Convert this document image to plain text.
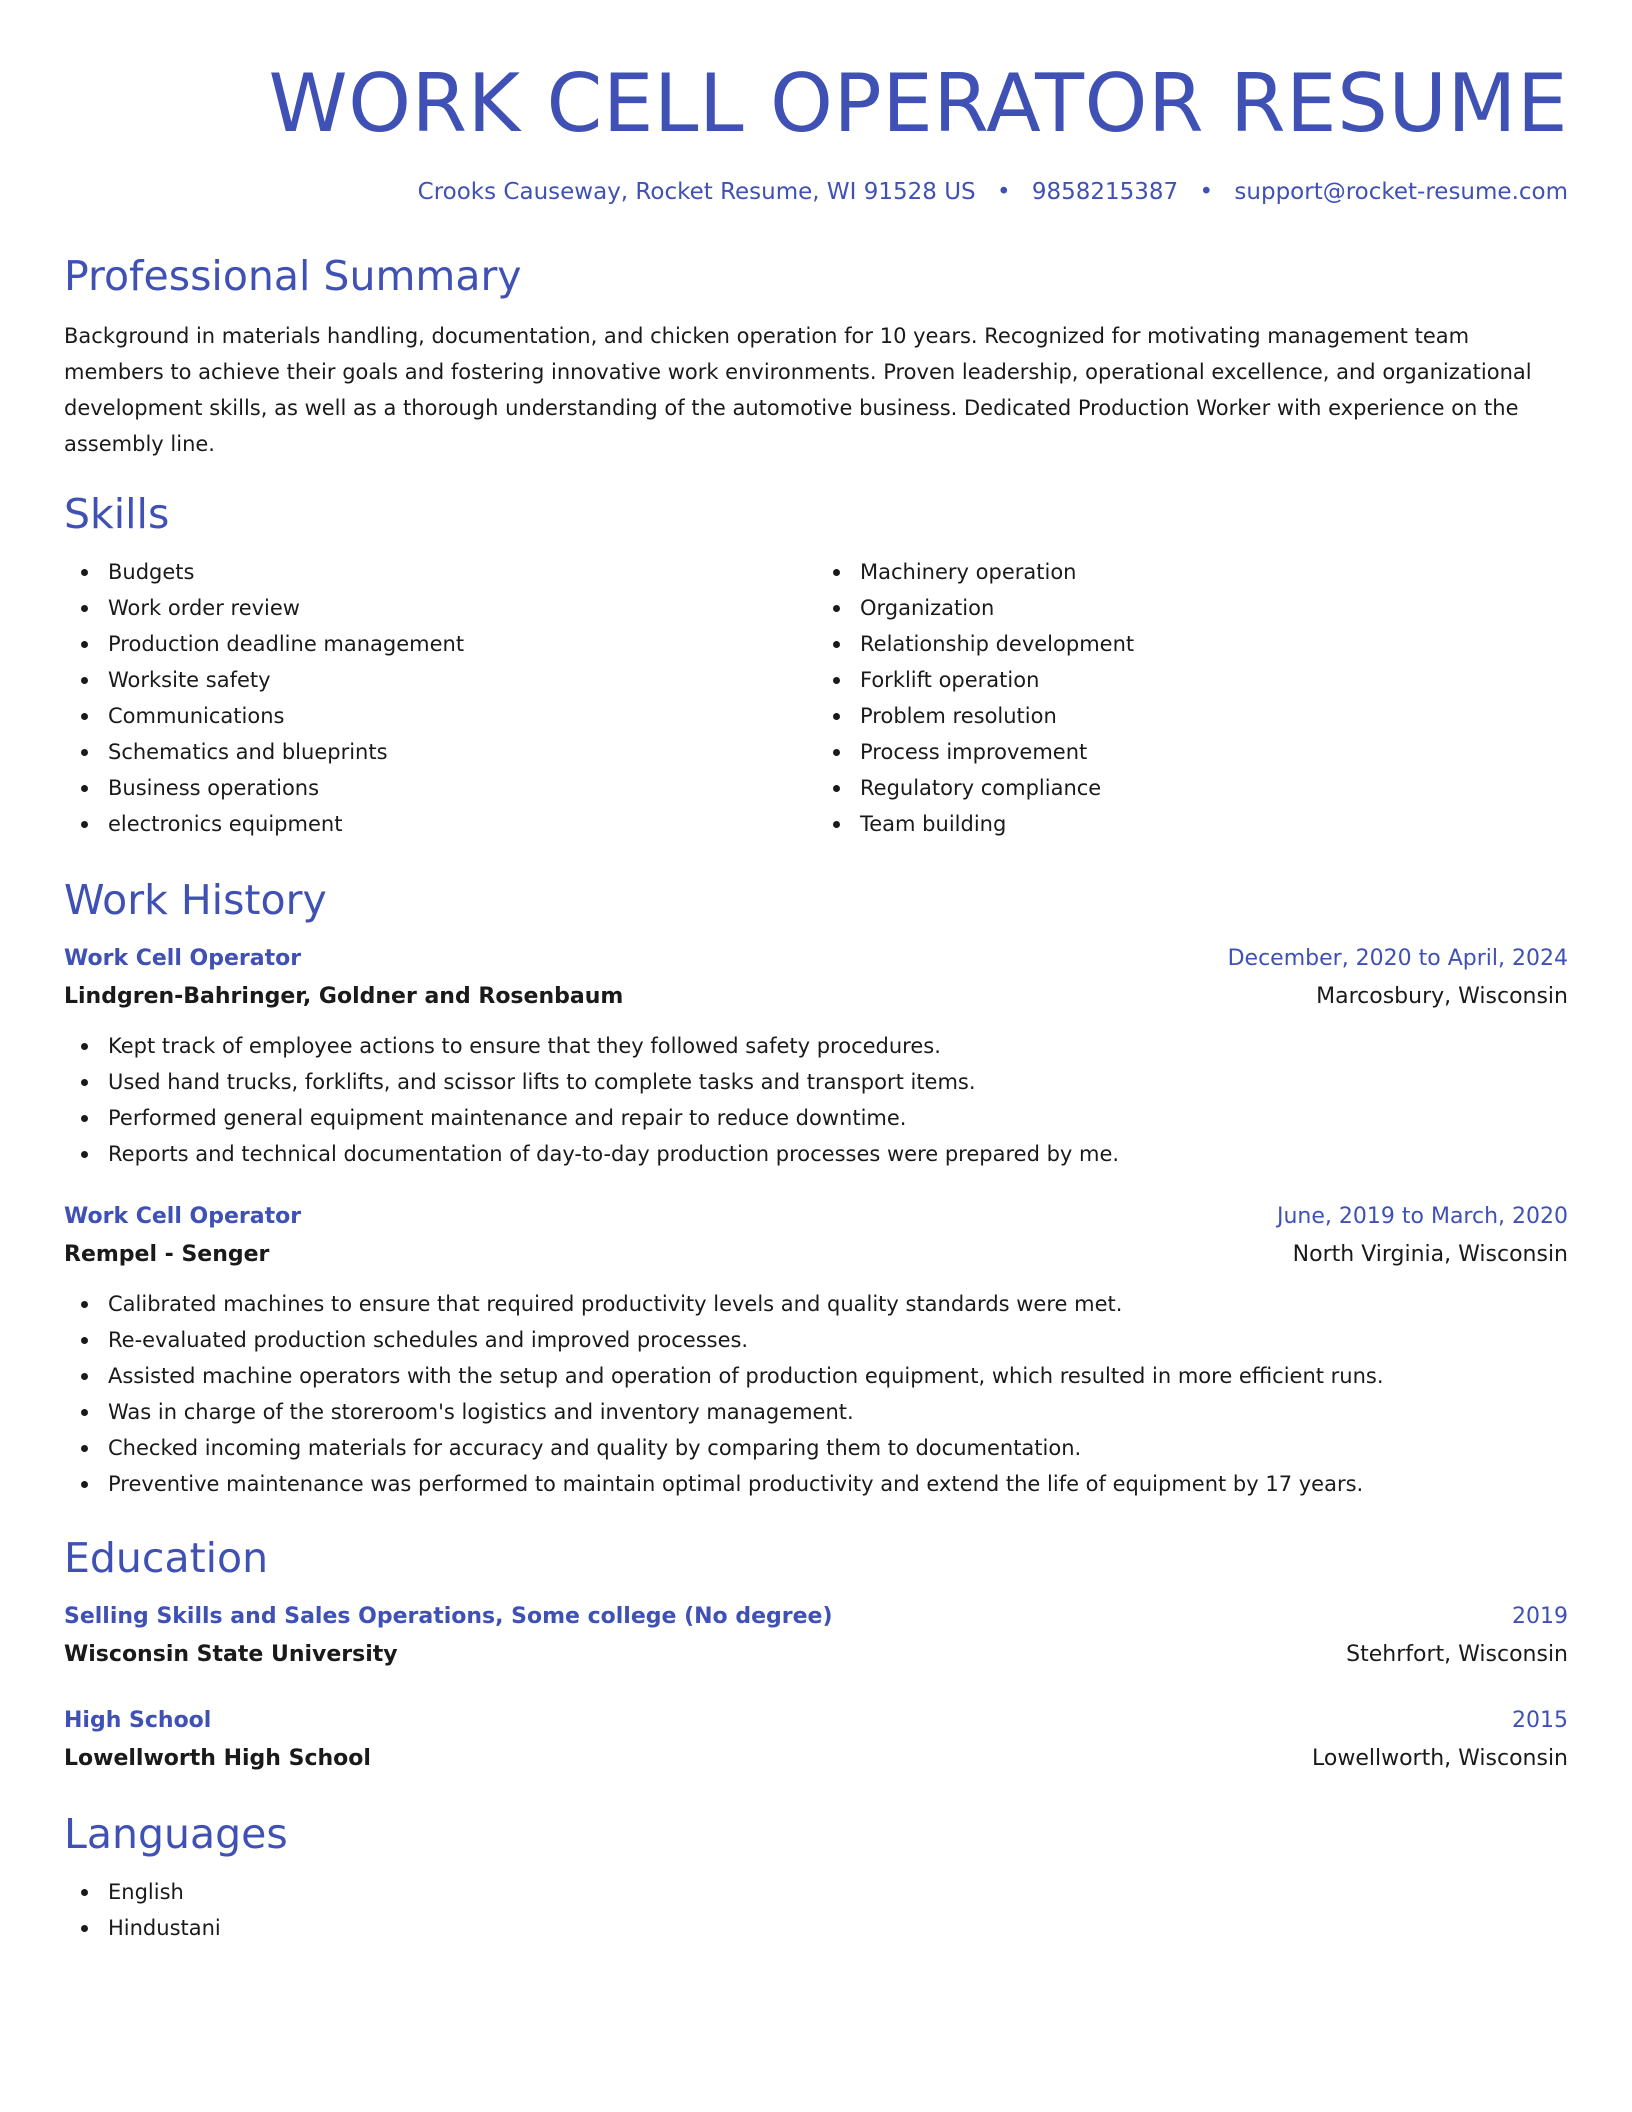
WORK CELL OPERATOR RESUME
Crooks Causeway, Rocket Resume, WI 91528 US • 9858215387 • support@rocket-resume.com
Professional Summary

Background in materials handling, documentation, and chicken operation for 10 years. Recognized for motivating management team members to achieve their goals and fostering innovative work environments. Proven leadership, operational excellence, and organizational development skills, as well as a thorough understanding of the automotive business. Dedicated Production Worker with experience on the assembly line.

Skills
Budgets
Work order review
Production deadline management
Worksite safety
Communications
Schematics and blueprints
Business operations
electronics equipment
Machinery operation
Organization
Relationship development
Forklift operation
Problem resolution
Process improvement
Regulatory compliance
Team building
Work History
Work Cell Operator	December, 2020 to April, 2024
Lindgren-Bahringer, Goldner and Rosenbaum	Marcosbury, Wisconsin
Kept track of employee actions to ensure that they followed safety procedures.
Used hand trucks, forklifts, and scissor lifts to complete tasks and transport items.
Performed general equipment maintenance and repair to reduce downtime.
Reports and technical documentation of day-to-day production processes were prepared by me.
Work Cell Operator	June, 2019 to March, 2020
Rempel - Senger	North Virginia, Wisconsin
Calibrated machines to ensure that required productivity levels and quality standards were met.
Re-evaluated production schedules and improved processes.
Assisted machine operators with the setup and operation of production equipment, which resulted in more efficient runs.
Was in charge of the storeroom's logistics and inventory management.
Checked incoming materials for accuracy and quality by comparing them to documentation.
Preventive maintenance was performed to maintain optimal productivity and extend the life of equipment by 17 years.
Education
Selling Skills and Sales Operations, Some college (No degree)	2019
Wisconsin State University	Stehrfort, Wisconsin
High School	2015
Lowellworth High School	Lowellworth, Wisconsin
Languages
English
Hindustani
